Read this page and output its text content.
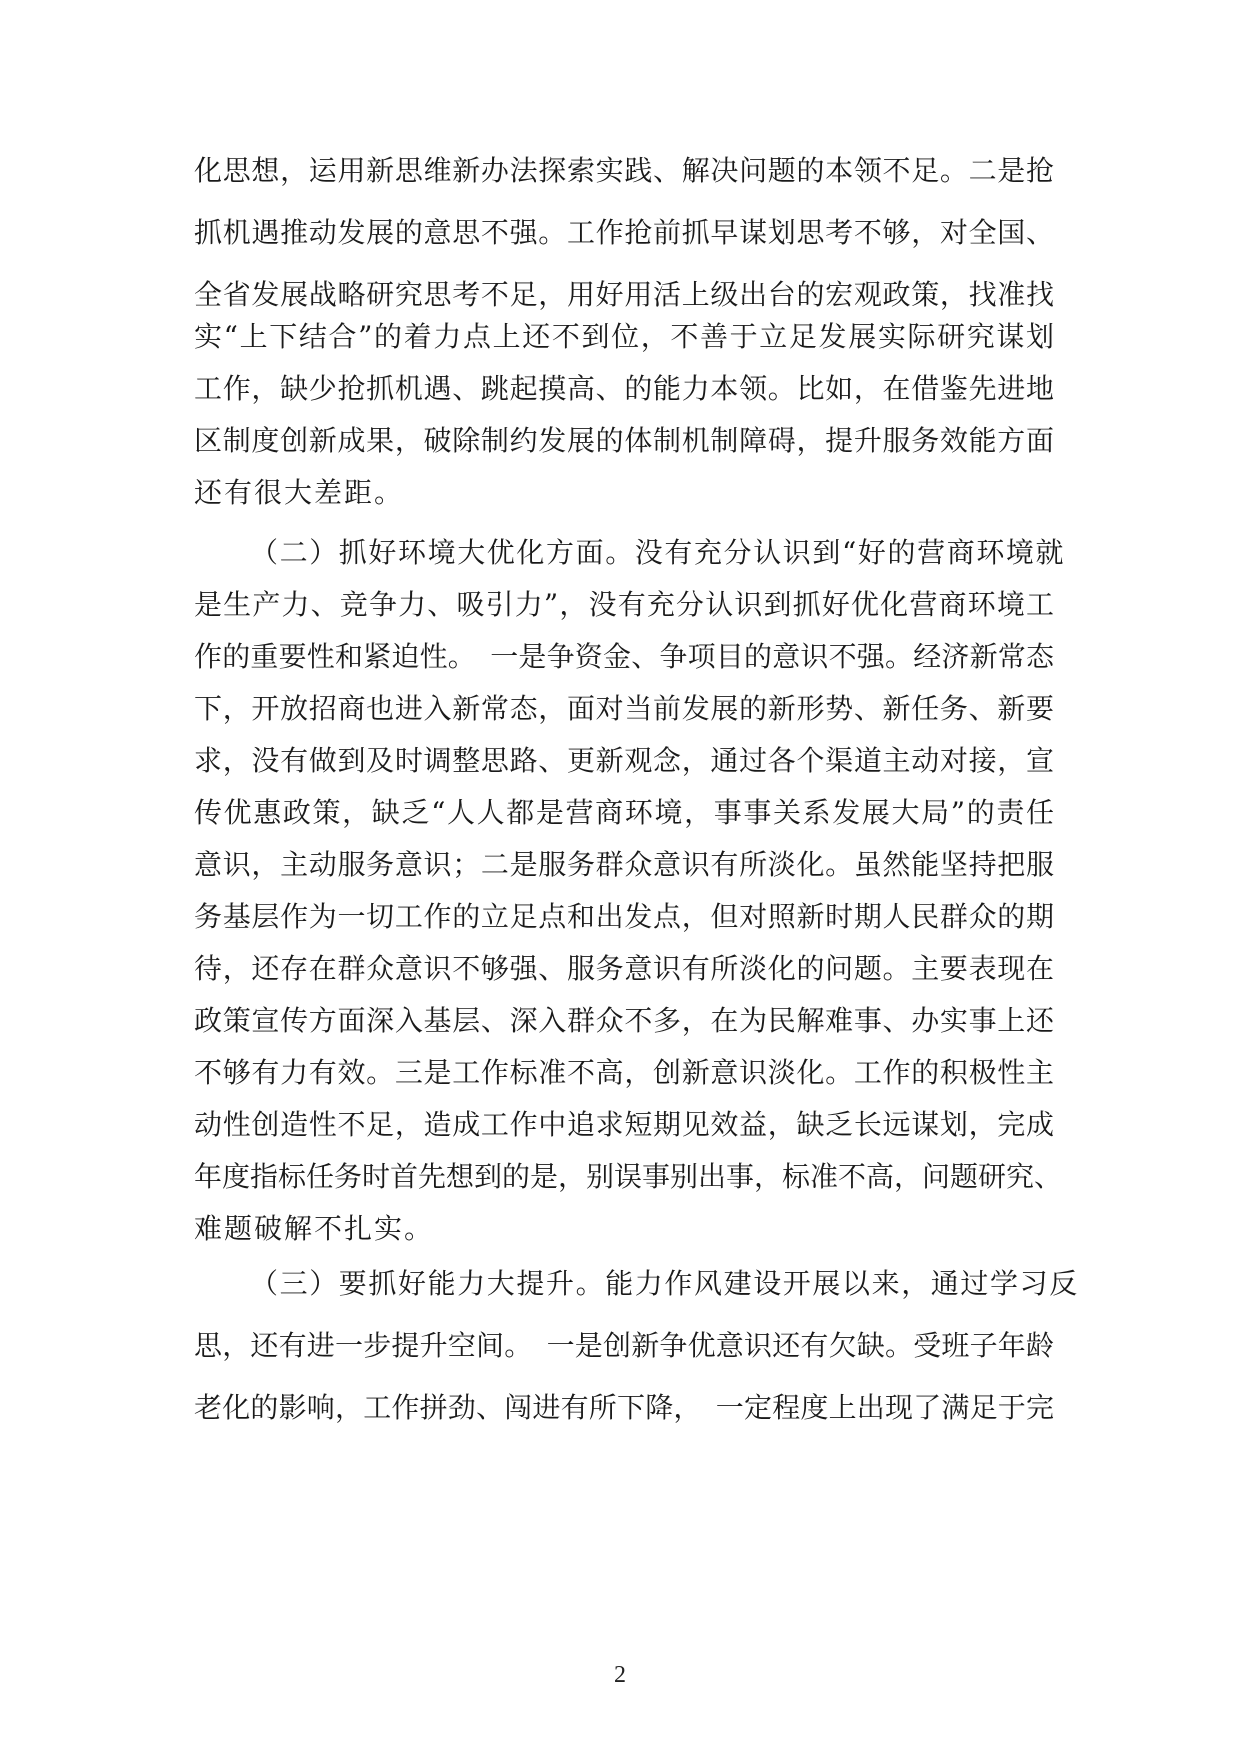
化思想，运用新思维新办法探索实践、解决问题的本领不足。二是抢
抓机遇推动发展的意思不强。工作抢前抓早谋划思考不够，对全国、
全省发展战略研究思考不足，用好用活上级出台的宏观政策，找准找
实“上下结合”的着力点上还不到位，不善于立足发展实际研究谋划
工作，缺少抢抓机遇、跳起摸高、的能力本领。比如，在借鉴先进地
区制度创新成果，破除制约发展的体制机制障碍，提升服务效能方面
还有很大差距。
（二）抓好环境大优化方面。没有充分认识到“好的营商环境就
是生产力、竞争力、吸引力”，没有充分认识到抓好优化营商环境工
作的重要性和紧迫性。　一是争资金、争项目的意识不强。经济新常态
下，开放招商也进入新常态，面对当前发展的新形势、新任务、新要
求，没有做到及时调整思路、更新观念，通过各个渠道主动对接，宣
传优惠政策，缺乏“人人都是营商环境，事事关系发展大局”的责任
意识，主动服务意识；二是服务群众意识有所淡化。虽然能坚持把服
务基层作为一切工作的立足点和出发点，但对照新时期人民群众的期
待，还存在群众意识不够强、服务意识有所淡化的问题。主要表现在
政策宣传方面深入基层、深入群众不多，在为民解难事、办实事上还
不够有力有效。三是工作标准不高，创新意识淡化。工作的积极性主
动性创造性不足，造成工作中追求短期见效益，缺乏长远谋划，完成
年度指标任务时首先想到的是，别误事别出事，标准不高，问题研究、
难题破解不扎实。
（三）要抓好能力大提升。能力作风建设开展以来，通过学习反
思，还有进一步提升空间。　一是创新争优意识还有欠缺。受班子年龄
老化的影响，工作拼劲、闯进有所下降，　一定程度上出现了满足于完
2
